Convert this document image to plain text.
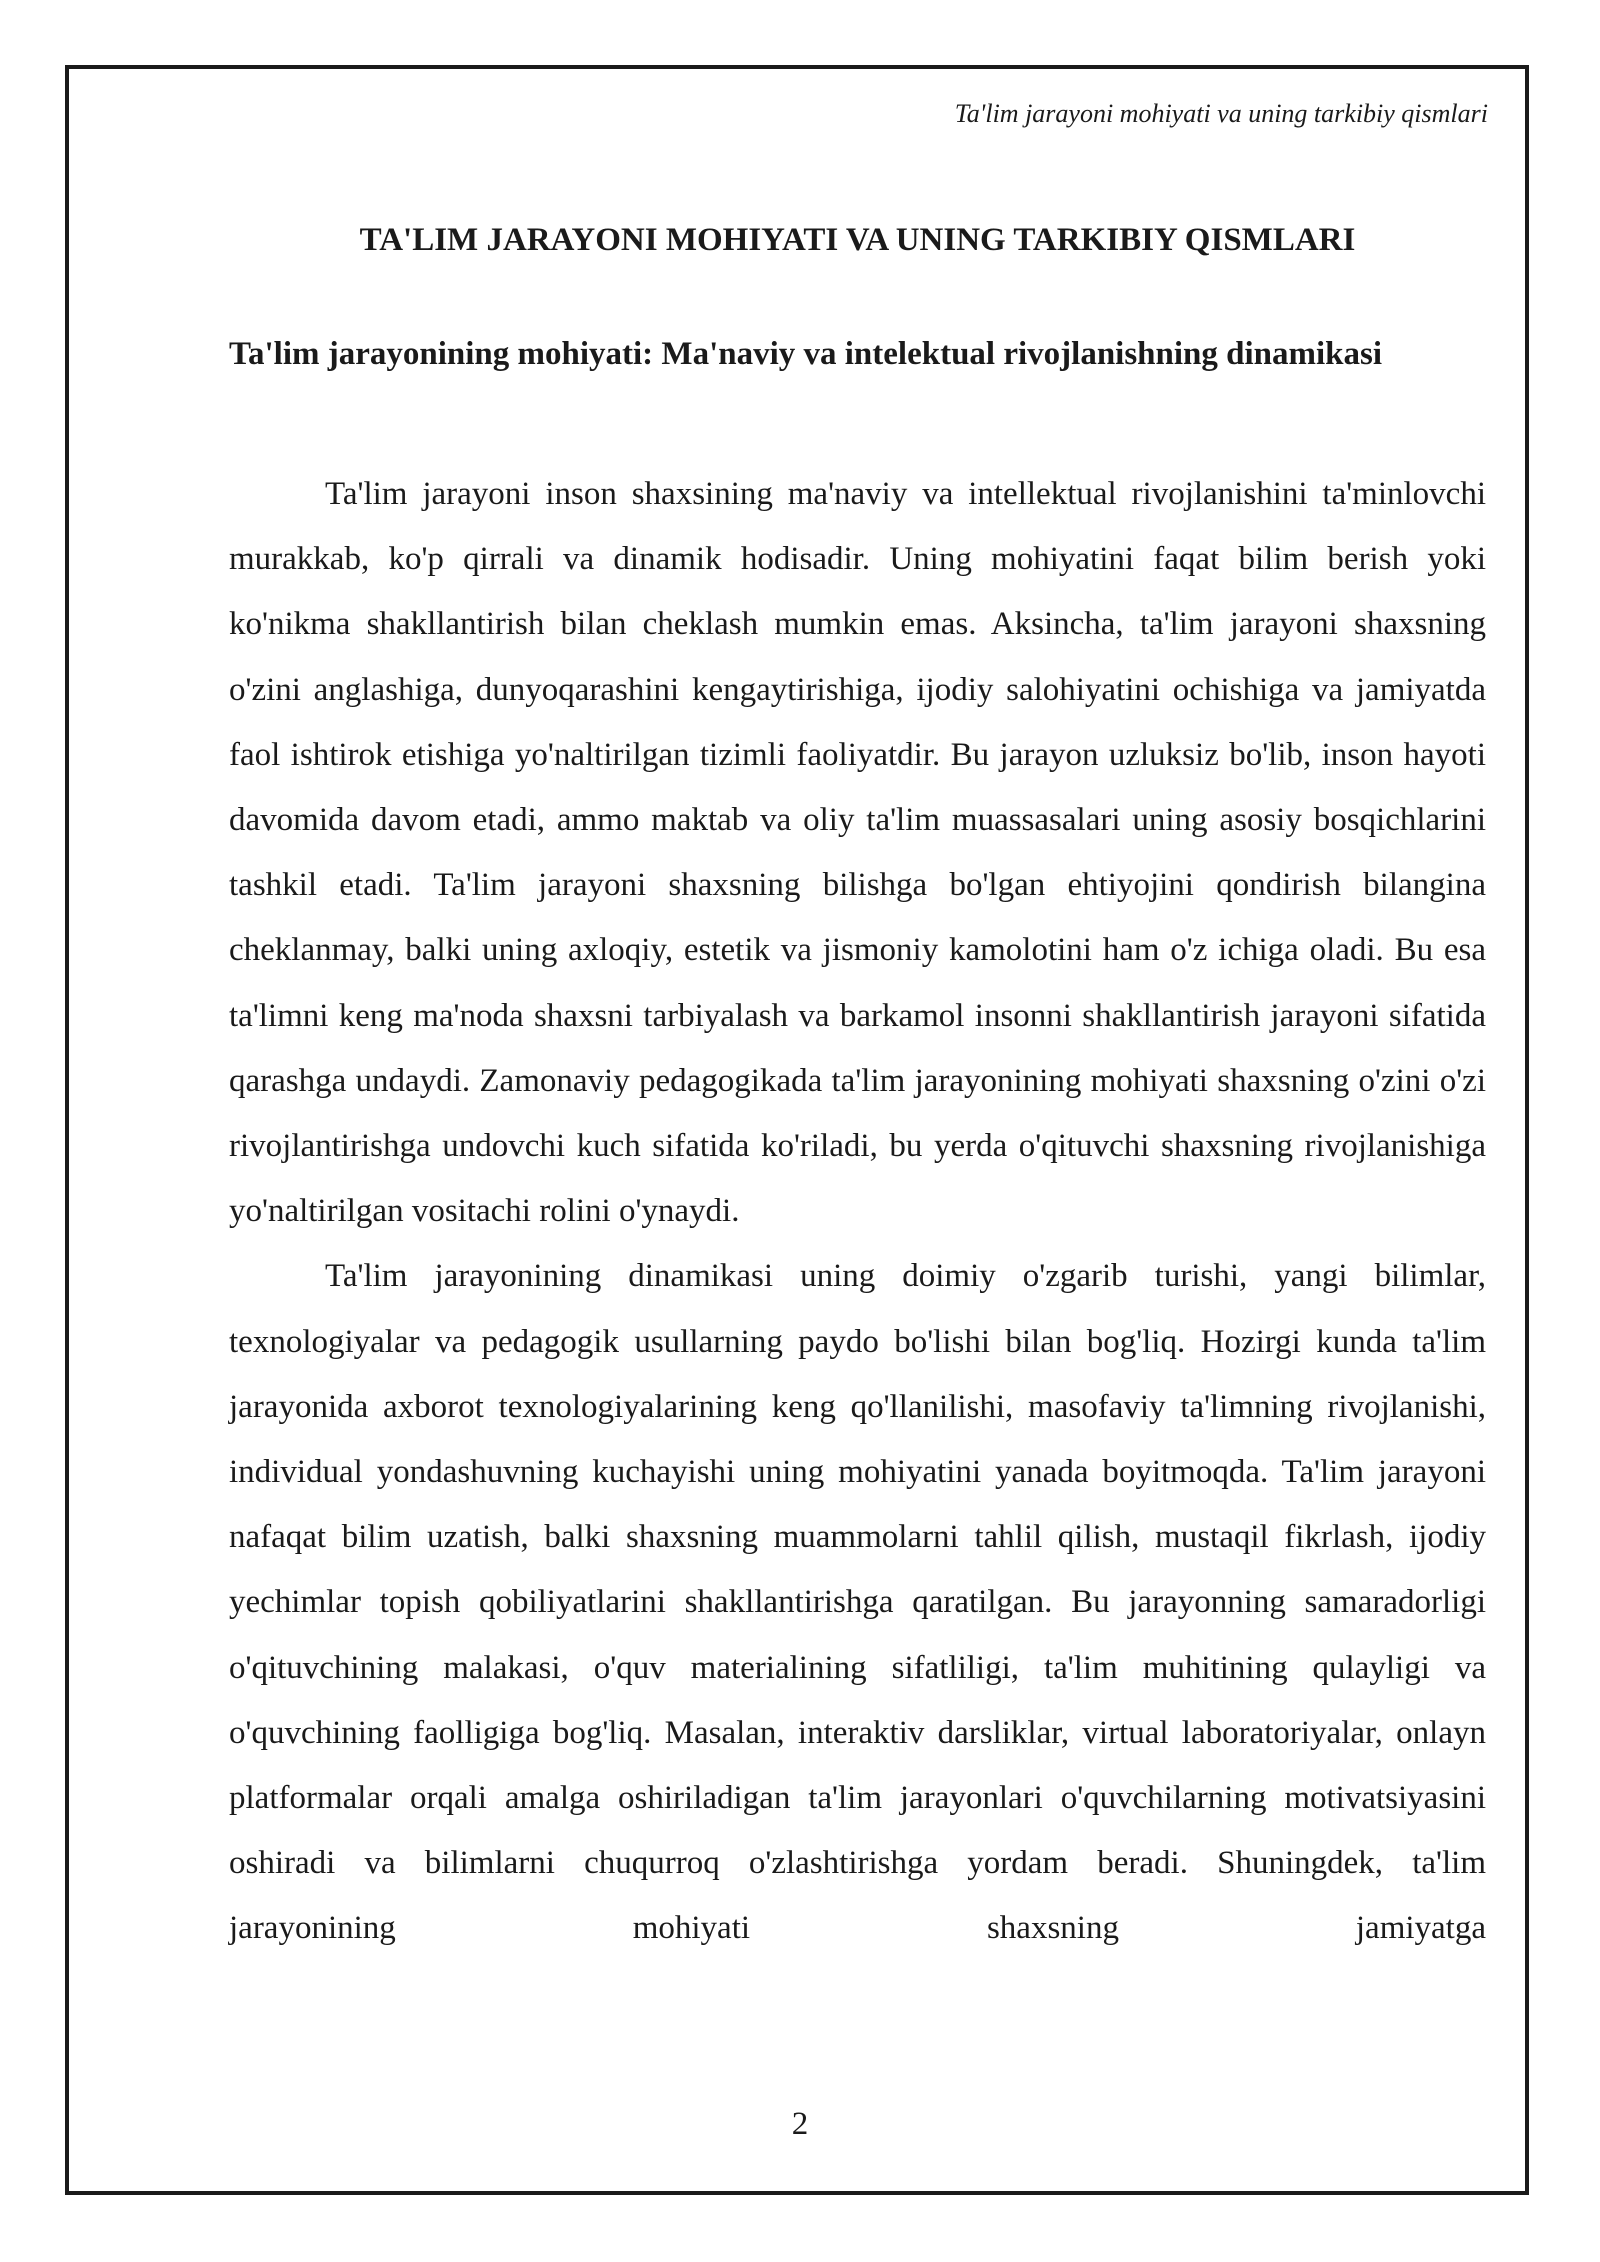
Ta'lim jarayoni mohiyati va uning tarkibiy qismlari
TA'LIM JARAYONI MOHIYATI VA UNING TARKIBIY QISMLARI

Ta'lim jarayonining mohiyati: Ma'naviy va intelektual rivojlanishning dinamikasi

Ta'lim jarayoni inson shaxsining ma'naviy va intellektual rivojlanishini ta'minlovchi murakkab, ko'p qirrali va dinamik hodisadir. Uning mohiyatini faqat bilim berish yoki ko'nikma shakllantirish bilan cheklash mumkin emas. Aksincha, ta'lim jarayoni shaxsning o'zini anglashiga, dunyoqarashini kengaytirishiga, ijodiy salohiyatini ochishiga va jamiyatda faol ishtirok etishiga yo'naltirilgan tizimli faoliyatdir. Bu jarayon uzluksiz bo'lib, inson hayoti davomida davom etadi, ammo maktab va oliy ta'lim muassasalari uning asosiy bosqichlarini tashkil etadi. Ta'lim jarayoni shaxsning bilishga bo'lgan ehtiyojini qondirish bilangina cheklanmay, balki uning axloqiy, estetik va jismoniy kamolotini ham o'z ichiga oladi. Bu esa ta'limni keng ma'noda shaxsni tarbiyalash va barkamol insonni shakllantirish jarayoni sifatida qarashga undaydi. Zamonaviy pedagogikada ta'lim jarayonining mohiyati shaxsning o'zini o'zi rivojlantirishga undovchi kuch sifatida ko'riladi, bu yerda o'qituvchi shaxsning rivojlanishiga yo'naltirilgan vositachi rolini o'ynaydi.

Ta'lim jarayonining dinamikasi uning doimiy o'zgarib turishi, yangi bilimlar, texnologiyalar va pedagogik usullarning paydo bo'lishi bilan bog'liq. Hozirgi kunda ta'lim jarayonida axborot texnologiyalarining keng qo'llanilishi, masofaviy ta'limning rivojlanishi, individual yondashuvning kuchayishi uning mohiyatini yanada boyitmoqda. Ta'lim jarayoni nafaqat bilim uzatish, balki shaxsning muammolarni tahlil qilish, mustaqil fikrlash, ijodiy yechimlar topish qobiliyatlarini shakllantirishga qaratilgan. Bu jarayonning samaradorligi o'qituvchining malakasi, o'quv materialining sifatliligi, ta'lim muhitining qulayligi va o'quvchining faolligiga bog'liq. Masalan, interaktiv darsliklar, virtual laboratoriyalar, onlayn platformalar orqali amalga oshiriladigan ta'lim jarayonlari o'quvchilarning motivatsiyasini oshiradi va bilimlarni chuqurroq o'zlashtirishga yordam beradi. Shuningdek, ta'lim jarayonining mohiyati shaxsning jamiyatga

2
